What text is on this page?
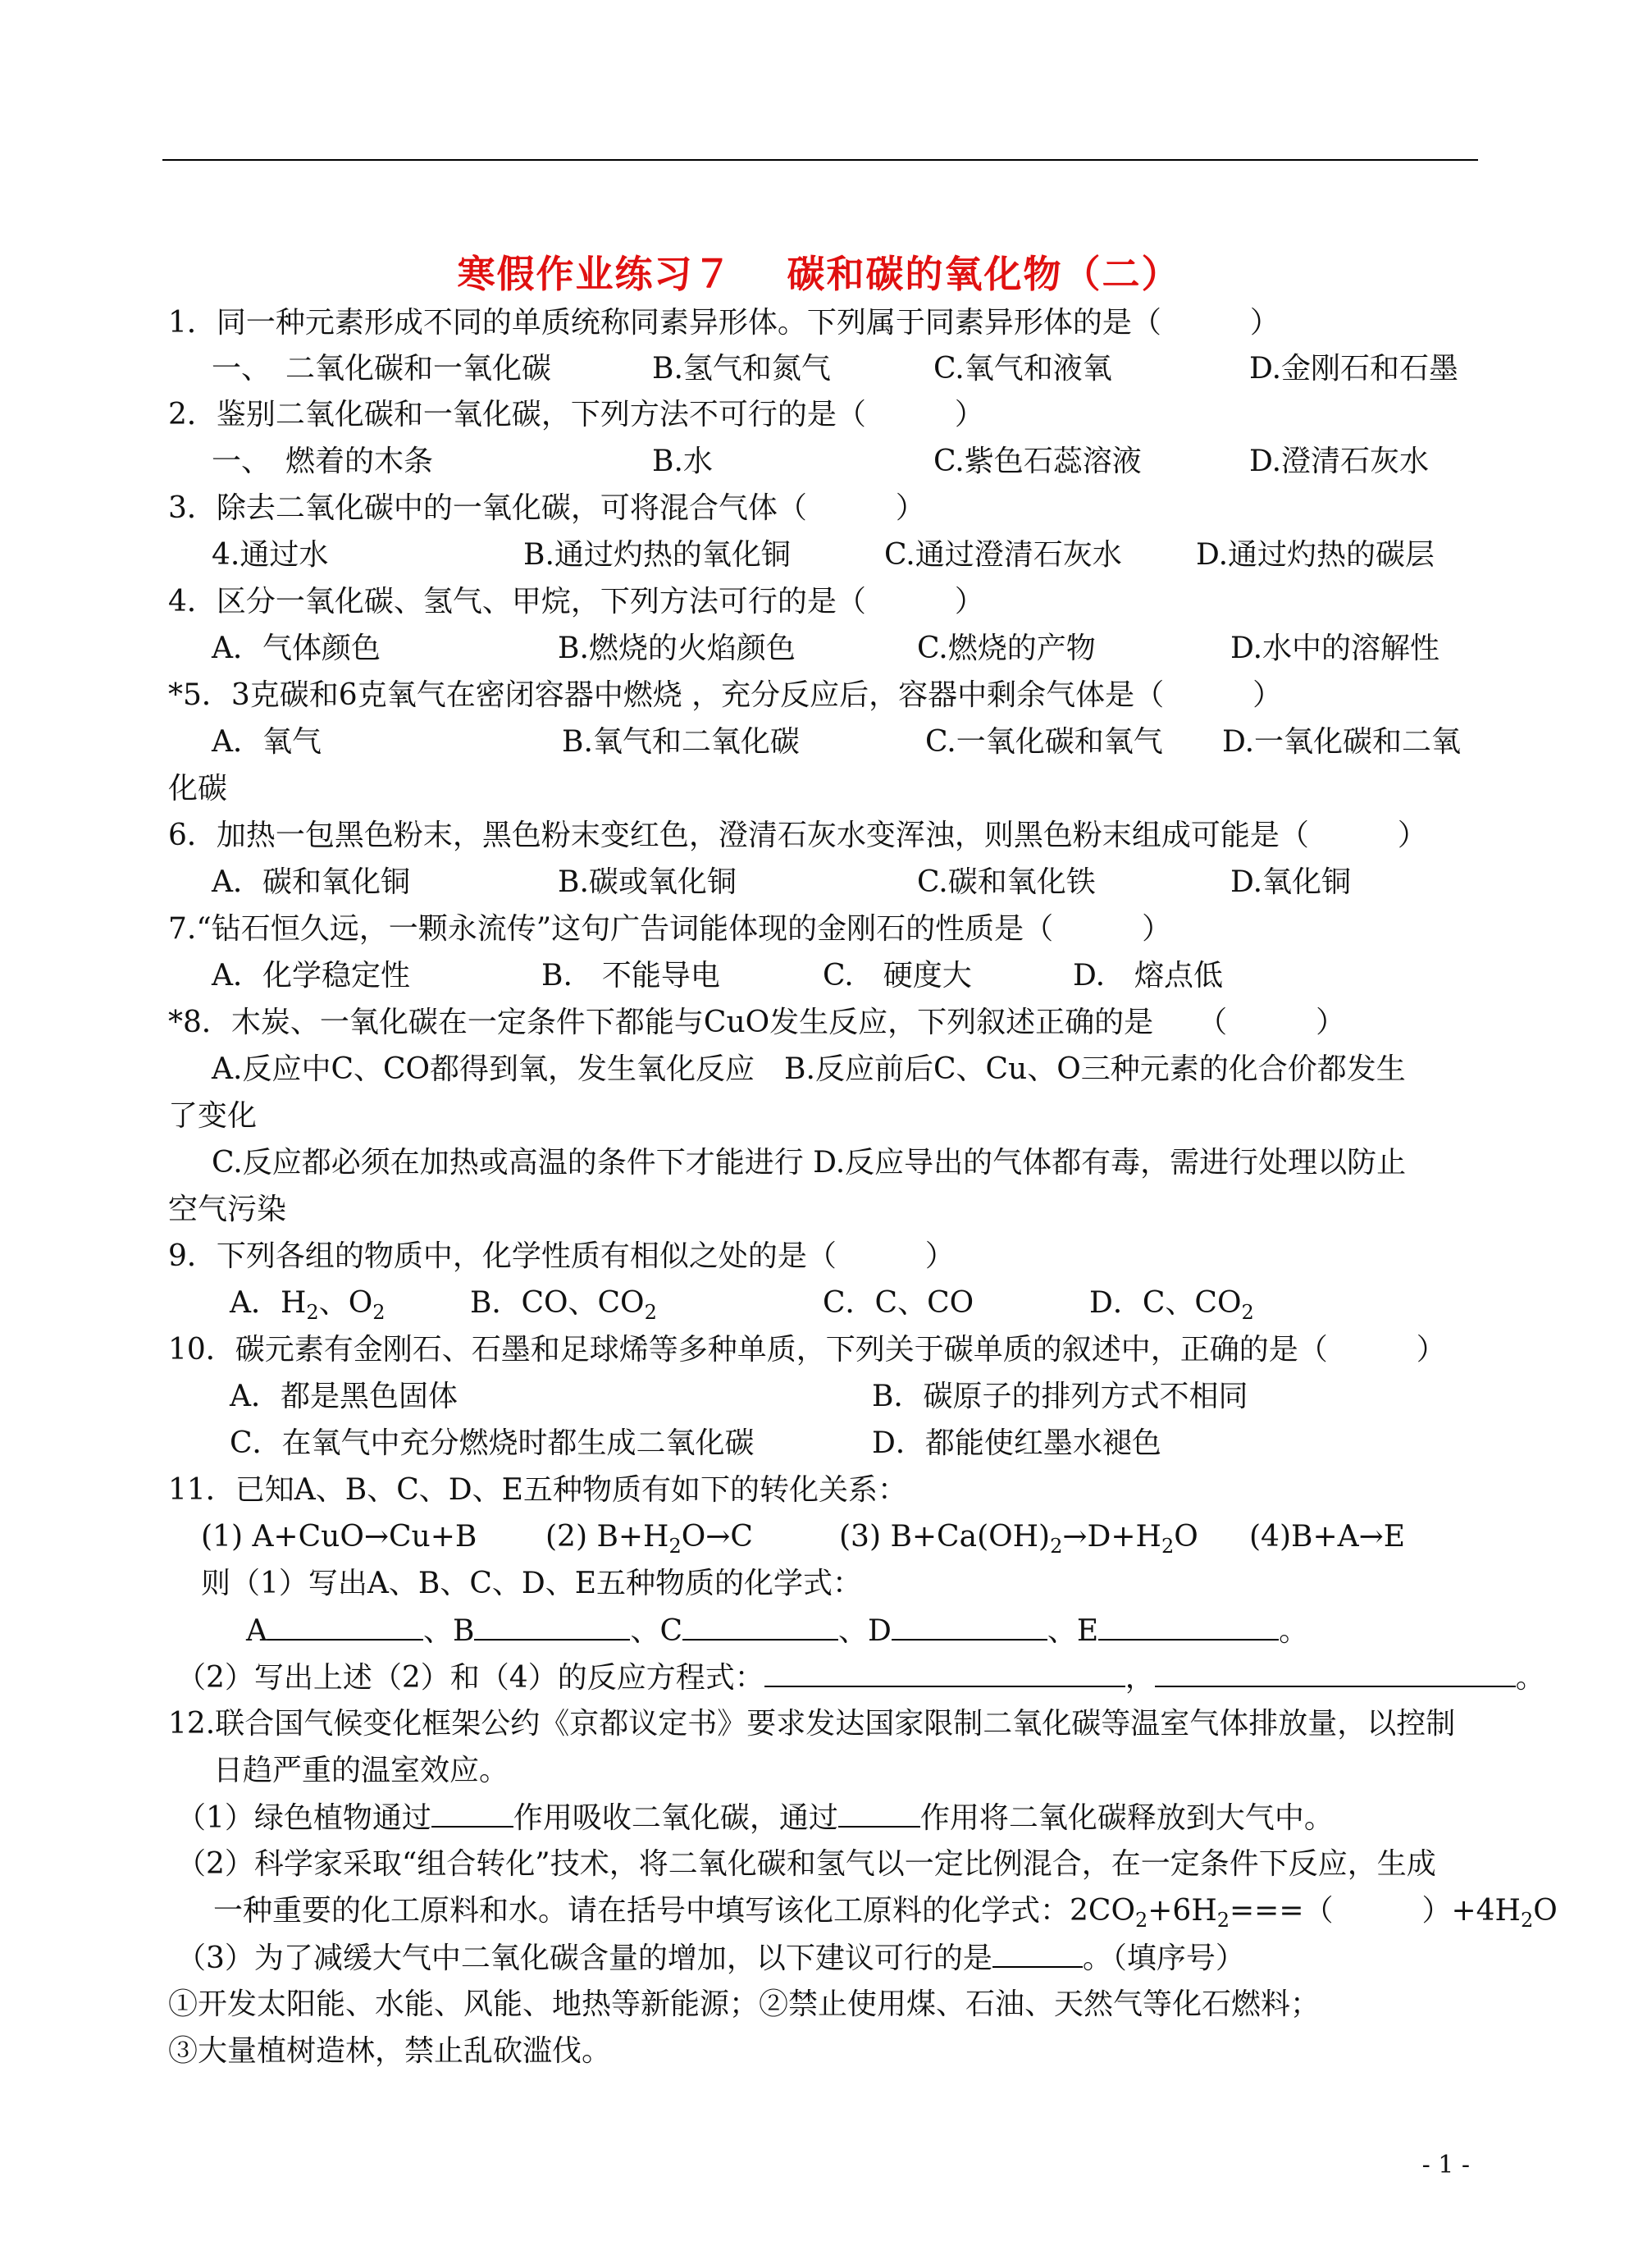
寒假作业练习７　 碳和碳的氧化物（二）
1．同一种元素形成不同的单质统称同素异形体。下列属于同素异形体的是（　　　）
一、　二氧化碳和一氧化碳	B.氢气和氮气	C.氧气和液氧	D.金刚石和石墨
2．鉴别二氧化碳和一氧化碳，下列方法不可行的是（　　　）
一、　燃着的木条	B.水	C.紫色石蕊溶液	D.澄清石灰水
3．除去二氧化碳中的一氧化碳，可将混合气体（　　　）
4.通过水	B.通过灼热的氧化铜	C.通过澄清石灰水	D.通过灼热的碳层
4．区分一氧化碳、氢气、甲烷，下列方法可行的是（　　　）
A．气体颜色	B.燃烧的火焰颜色	C.燃烧的产物	D.水中的溶解性
*5．3克碳和6克氧气在密闭容器中燃烧 ，充分反应后，容器中剩余气体是（　　　）
A．氧气	B.氧气和二氧化碳	C.一氧化碳和氧气 D.一氧化碳和二氧
化碳
6．加热一包黑色粉末，黑色粉末变红色，澄清石灰水变浑浊，则黑色粉末组成可能是（　　　）
A．碳和氧化铜	B.碳或氧化铜	C.碳和氧化铁	D.氧化铜
7.“钻石恒久远，一颗永流传”这句广告词能体现的金刚石的性质是（　　　）
A．化学稳定性	B.　不能导电	C.　硬度大	D.　熔点低
*8．木炭、一氧化碳在一定条件下都能与CuO发生反应，下列叙述正确的是　　（　　　）
A.反应中C、CO都得到氧，发生氧化反应　B.反应前后C、Cu、O三种元素的化合价都发生
了变化
C.反应都必须在加热或高温的条件下才能进行 D.反应导出的气体都有毒，需进行处理以防止
空气污染
9．下列各组的物质中，化学性质有相似之处的是（　　　）
A．$H_2$、$O_2$	B．CO、$CO_2$	C．C、CO	D．C、$CO_2$
10．碳元素有金刚石、石墨和足球烯等多种单质，下列关于碳单质的叙述中，正确的是（　　　）
A．都是黑色固体	B．碳原子的排列方式不相同
C．在氧气中充分燃烧时都生成二氧化碳	D．都能使红墨水褪色
11．已知A、B、C、D、E五种物质有如下的转化关系：
(1) A+CuO→Cu+B (2) $B+H_2O\to C$	(3) $B+Ca(OH)_2\to D+H_2O$ (4)B+A→E
则（1）写出A、B、C、D、E五种物质的化学式：
A	、B	、C	、D	、E	。
（2）写出上述（2）和（4）的反应方程式：	，	。
12.联合国气候变化框架公约《京都议定书》要求发达国家限制二氧化碳等温室气体排放量，以控制
日趋严重的温室效应。
（1）绿色植物通过	作用吸收二氧化碳，通过	作用将二氧化碳释放到大气中。
（2）科学家采取“组合转化”技术，将二氧化碳和氢气以一定比例混合，在一定条件下反应，生成
一种重要的化工原料和水。请在括号中填写该化工原料的化学式：$2CO_2+6H_2===$（　　　）$+4H_2O$
（3）为了减缓大气中二氧化碳含量的增加，以下建议可行的是	。（填序号）
①开发太阳能、水能、风能、地热等新能源；②禁止使用煤、石油、天然气等化石燃料；
③大量植树造林，禁止乱砍滥伐。
- 1 -
